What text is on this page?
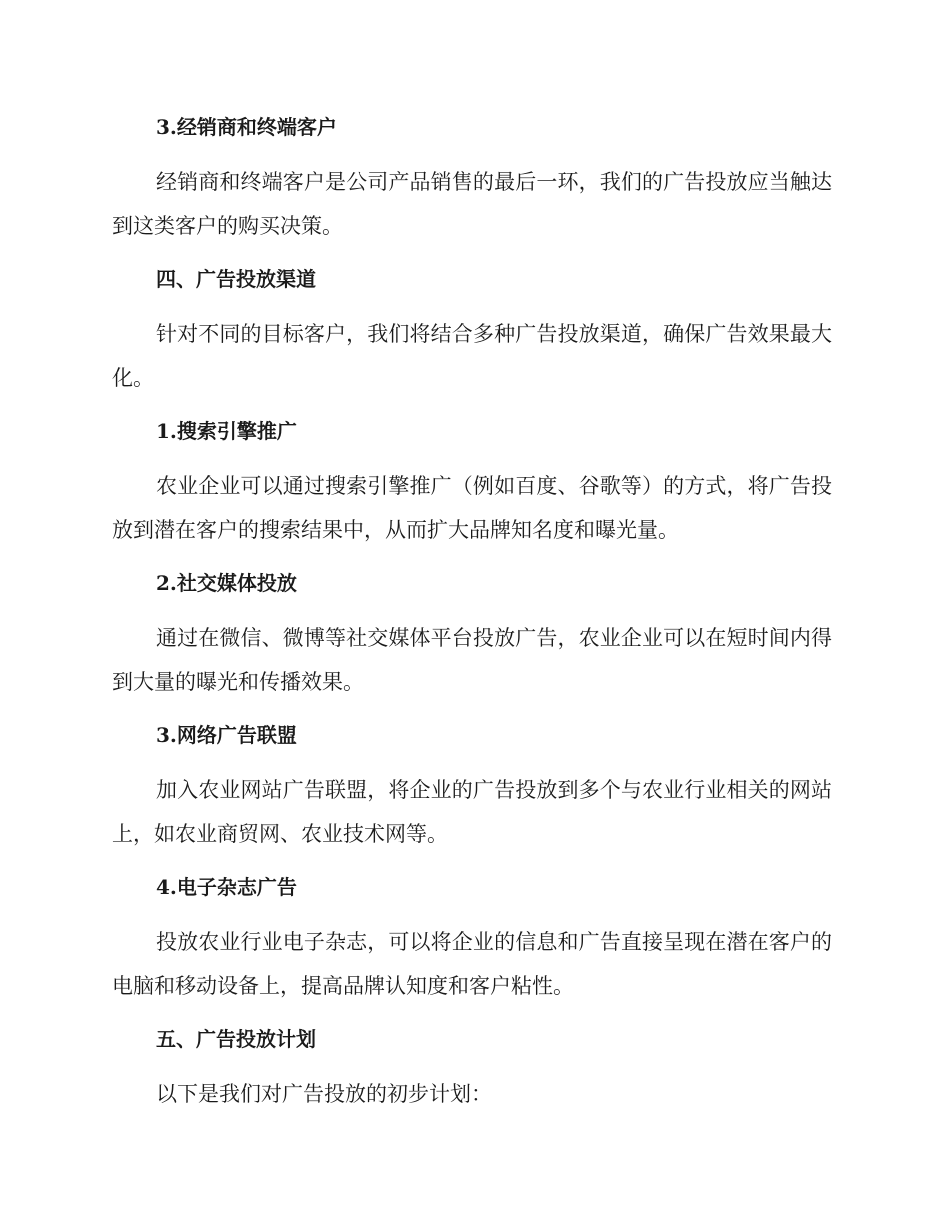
3.经销商和终端客户
经销商和终端客户是公司产品销售的最后一环，我们的广告投放应当触达到这类客户的购买决策。
四、广告投放渠道
针对不同的目标客户，我们将结合多种广告投放渠道，确保广告效果最大化。
1.搜索引擎推广
农业企业可以通过搜索引擎推广（例如百度、谷歌等）的方式，将广告投放到潜在客户的搜索结果中，从而扩大品牌知名度和曝光量。
2.社交媒体投放
通过在微信、微博等社交媒体平台投放广告，农业企业可以在短时间内得到大量的曝光和传播效果。
3.网络广告联盟
加入农业网站广告联盟，将企业的广告投放到多个与农业行业相关的网站上，如农业商贸网、农业技术网等。
4.电子杂志广告
投放农业行业电子杂志，可以将企业的信息和广告直接呈现在潜在客户的电脑和移动设备上，提高品牌认知度和客户粘性。
五、广告投放计划
以下是我们对广告投放的初步计划：
